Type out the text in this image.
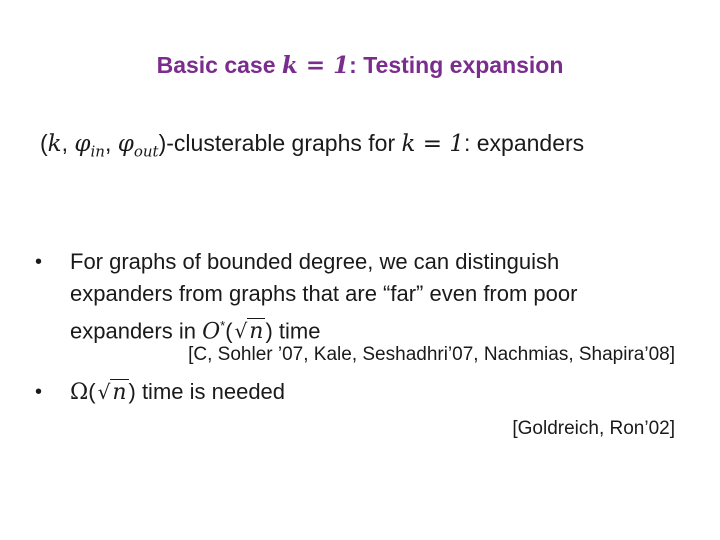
Basic case k = 1: Testing expansion
(k, $\varphi_{in}$, $\varphi_{out}$)-clusterable graphs for k = 1: expanders
• For graphs of bounded degree, we can distinguish
expanders from graphs that are “far” even from poor
expanders in O*( √n) time
[C, Sohler ’07, Kale, Seshadhri’07, Nachmias, Shapira’08]
• Ω( √n) time is needed
[Goldreich, Ron’02]
